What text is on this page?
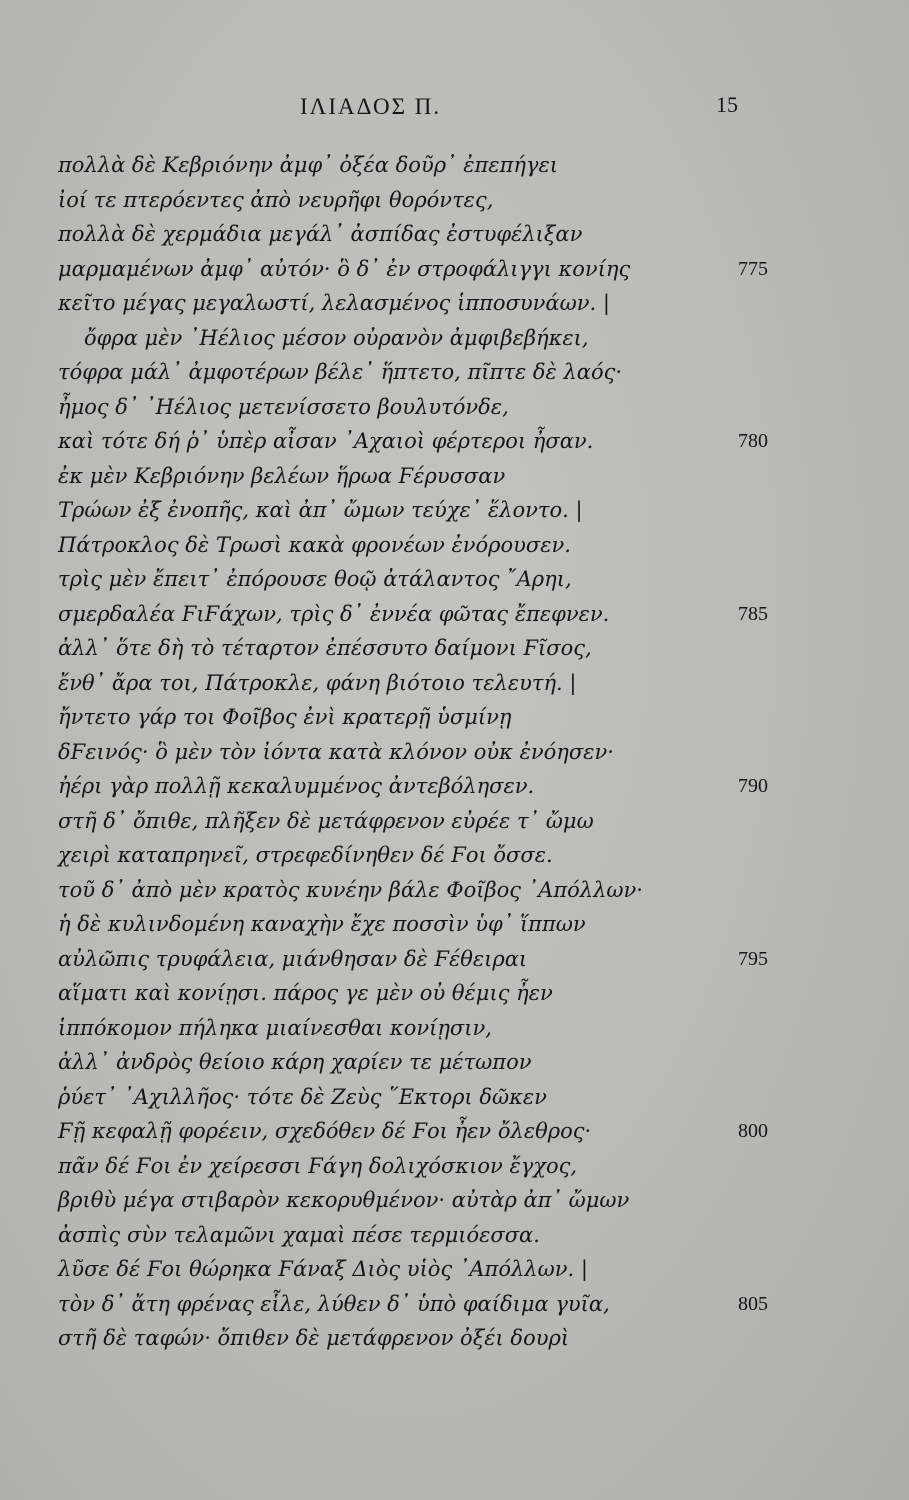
ΙΛΙΑΔΟΣ Π.	15
πολλὰ δὲ Κεβριόνην ἀμφ᾽ ὀξέα δοῦρ᾽ ἐπεπήγει
ἰοί τε πτερόεντες ἀπὸ νευρῆφι θορόντες,
πολλὰ δὲ χερμάδια μεγάλ᾽ ἀσπίδας ἐστυφέλιξαν
μαρμαμένων ἀμφ᾽ αὐτόν· ὃ δ᾽ ἐν στροφάλιγγι κονίης	775
κεῖτο μέγας μεγαλωστί, λελασμένος ἱπποσυνάων. |
ὄφρα μὲν ᾽Ηέλιος μέσον οὐρανὸν ἀμφιβεβήκει,
τόφρα μάλ᾽ ἀμφοτέρων βέλε᾽ ἥπτετο, πῖπτε δὲ λαός·
ἦμος δ᾽ ᾽Ηέλιος μετενίσσετο βουλυτόνδε,
καὶ τότε δή ῥ᾽ ὑπὲρ αἶσαν ᾽Αχαιοὶ φέρτεροι ἦσαν.	780
ἐκ μὲν Κεβριόνην βελέων ἥρωα Ϝέρυσσαν
Τρώων ἐξ ἐνοπῆς, καὶ ἀπ᾽ ὤμων τεύχε᾽ ἕλοντο. |
Πάτροκλος δὲ Τρωσὶ κακὰ φρονέων ἐνόρουσεν.
τρὶς μὲν ἔπειτ᾽ ἐπόρουσε θοῷ ἀτάλαντος ῎Αρηι,
σμερδαλέα ϜιϜάχων, τρὶς δ᾽ ἐννέα φῶτας ἔπεφνεν.	785
ἀλλ᾽ ὅτε δὴ τὸ τέταρτον ἐπέσσυτο δαίμονι Ϝῖσος,
ἔνθ᾽ ἄρα τοι, Πάτροκλε, φάνη βιότοιο τελευτή. |
ἤντετο γάρ τοι Φοῖβος ἐνὶ κρατερῇ ὑσμίνῃ
δϜεινός· ὃ μὲν τὸν ἰόντα κατὰ κλόνον οὐκ ἐνόησεν·
ἠέρι γὰρ πολλῇ κεκαλυμμένος ἀντεβόλησεν.	790
στῆ δ᾽ ὄπιθε, πλῆξεν δὲ μετάφρενον εὐρέε τ᾽ ὤμω
χειρὶ καταπρηνεῖ, στρεφεδίνηθεν δέ Ϝοι ὄσσε.
τοῦ δ᾽ ἀπὸ μὲν κρατὸς κυνέην βάλε Φοῖβος ᾽Απόλλων·
ἡ δὲ κυλινδομένη καναχὴν ἔχε ποσσὶν ὑφ᾽ ἵππων
αὐλῶπις τρυφάλεια, μιάνθησαν δὲ Ϝέθειραι	795
αἵματι καὶ κονίῃσι. πάρος γε μὲν οὐ θέμις ἦεν
ἱππόκομον πήληκα μιαίνεσθαι κονίῃσιν,
ἀλλ᾽ ἀνδρὸς θείοιο κάρη χαρίεν τε μέτωπον
ῥύετ᾽ ᾽Αχιλλῆος· τότε δὲ Ζεὺς ῞Εκτορι δῶκεν
Ϝῇ κεφαλῇ φορέειν, σχεδόθεν δέ Ϝοι ἦεν ὄλεθρος·	800
πᾶν δέ Ϝοι ἐν χείρεσσι Ϝάγη δολιχόσκιον ἔγχος,
βριθὺ μέγα στιβαρὸν κεκορυθμένον· αὐτὰρ ἀπ᾽ ὤμων
ἀσπὶς σὺν τελαμῶνι χαμαὶ πέσε τερμιόεσσα.
λῦσε δέ Ϝοι θώρηκα Ϝάναξ Διὸς υἱὸς ᾽Απόλλων. |
τὸν δ᾽ ἄτη φρένας εἷλε, λύθεν δ᾽ ὑπὸ φαίδιμα γυῖα,	805
στῆ δὲ ταφών· ὄπιθεν δὲ μετάφρενον ὀξέι δουρὶ
